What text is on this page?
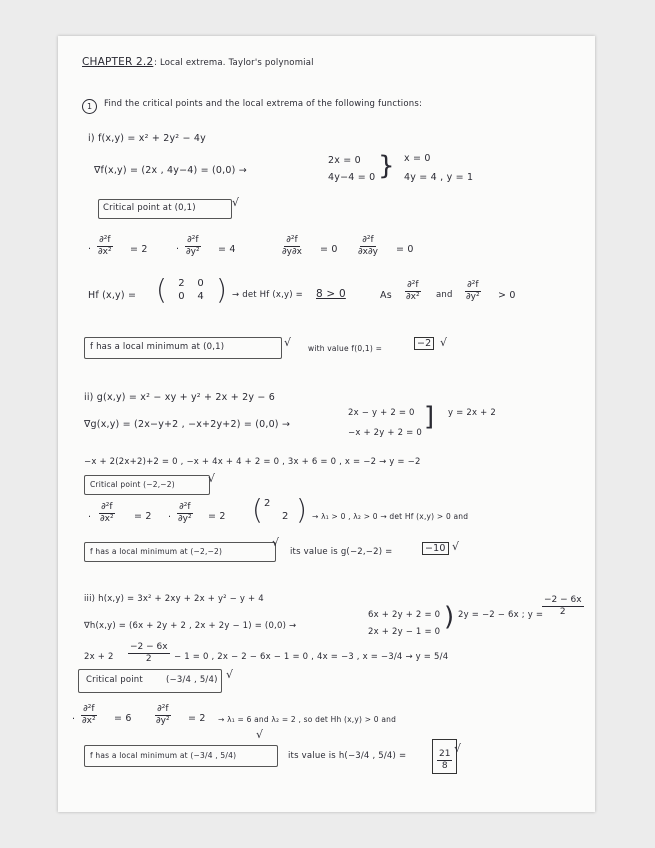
CHAPTER 2.2 : Local extrema. Taylor's polynomial
1	Find the critical points and the local extrema of the following functions:
i) f(x,y) = x² + 2y² − 4y
∇f(x,y) = (2x , 4y−4) = (0,0) →
2x = 0
4y−4 = 0 } x = 0
4y = 4 , y = 1
Critical point at (0,1)	√
· $\frac{\text{∂²f}}{\text{∂x²}} = 2$	· $\frac{\text{∂²f}}{\text{∂y²}} = 4$	$\frac{\text{∂²f}}{\partial y\partial x} = 0 \frac{\text{∂²f}}{\partial x\partial y} = 0$
Hf (x,y) = (	2 0
0 4 ) → det Hf (x,y) = 8 > 0	As $\frac{\text{∂²f}}{\text{∂x²}}$ and $\frac{\text{∂²f}}{\text{∂y²}} > 0$
f has a local minimum at (0,1)	√ with value f(0,1) =	−2 √
ii) g(x,y) = x² − xy + y² + 2x + 2y − 6
∇g(x,y) = (2x−y+2 , −x+2y+2) = (0,0) →
2x − y + 2 = 0
−x + 2y + 2 = 0
] y = 2x + 2
−x + 2(2x+2)+2 = 0 , −x + 4x + 4 + 2 = 0 , 3x + 6 = 0 , x = −2 → y = −2
Critical point (−2,−2)	√
· $\frac{\text{∂²f}}{\text{∂x²}} = 2 \cdot \frac{\text{∂²f}}{\text{∂y²}} = 2$ ( 2
2 ) → λ₁ > 0 , λ₂ > 0 → det Hf (x,y) > 0 and
f has a local minimum at (−2,−2)
√
its value is g(−2,−2) =	−10 √
iii) h(x,y) = 3x² + 2xy + 2x + y² − y + 4
∇h(x,y) = (6x + 2y + 2 , 2x + 2y − 1) = (0,0) →
6x + 2y + 2 = 0
2x + 2y − 1 = 0 ) 2y = −2 − 6x ; y =
$\frac{-2 - 6x}{2}$
$2x + 2 \frac{-2 - 6x}{2} - 1 = 0$ , 2x − 2 − 6x − 1 = 0 , 4x = −3 , x = −3/4 → y = 5/4
Critical point	(−3/4 , 5/4) √
· $\frac{\text{∂²f}}{\text{∂x²}} = 6 \frac{\text{∂²f}}{\text{∂y²}} = 2 \to \lambda_1 = 6$ and λ₂ = 2 , so det Hh (x,y) > 0 and
√
f has a local minimum at (−3/4 , 5/4)	its value is h(−3/4 , 5/4) =	$\frac{21}{8}$
√
